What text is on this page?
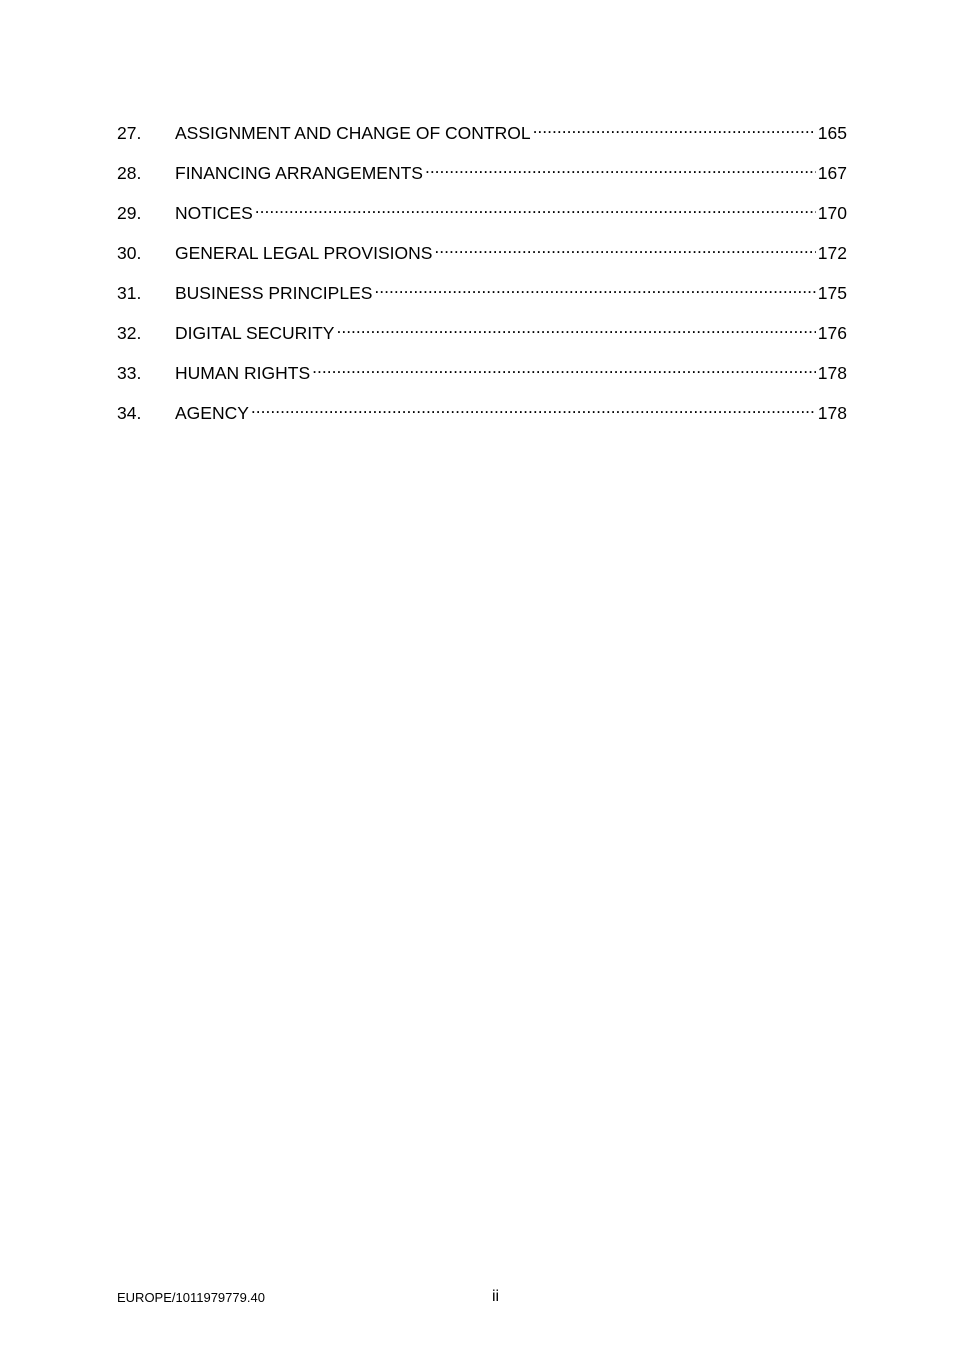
27.	ASSIGNMENT AND CHANGE OF CONTROL .....	165
28.	FINANCING ARRANGEMENTS .....	167
29.	NOTICES .....	170
30.	GENERAL LEGAL PROVISIONS .....	172
31.	BUSINESS PRINCIPLES .....	175
32.	DIGITAL SECURITY .....	176
33.	HUMAN RIGHTS .....	178
34.	AGENCY .....	178
EUROPE/1011979779.40	ii
